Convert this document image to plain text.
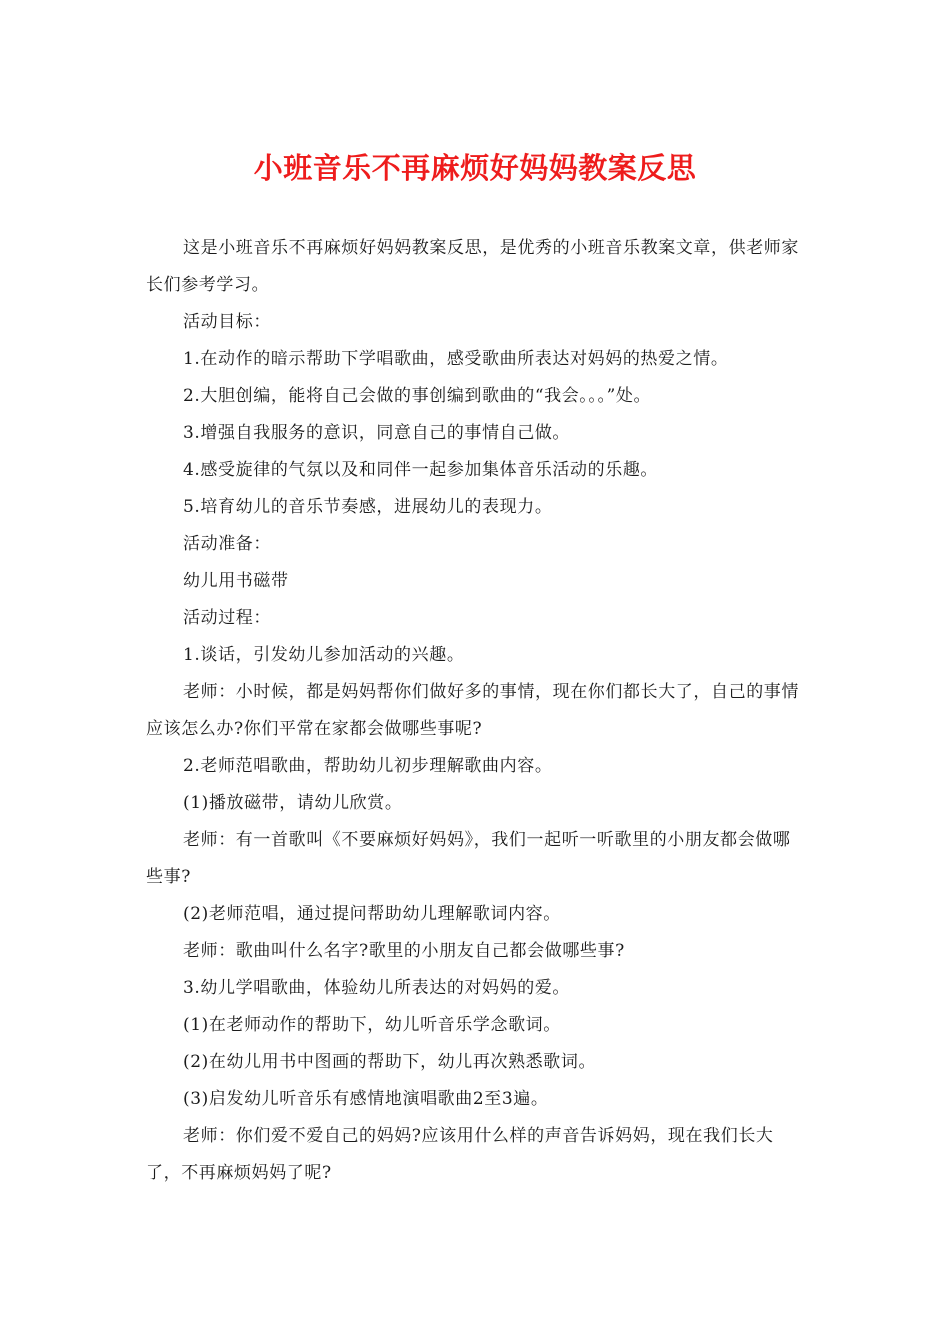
小班音乐不再麻烦好妈妈教案反思

这是小班音乐不再麻烦好妈妈教案反思，是优秀的小班音乐教案文章，供老师家长们参考学习。

活动目标：

1.在动作的暗示帮助下学唱歌曲，感受歌曲所表达对妈妈的热爱之情。

2.大胆创编，能将自己会做的事创编到歌曲的“我会。。。”处。

3.增强自我服务的意识，同意自己的事情自己做。

4.感受旋律的气氛以及和同伴一起参加集体音乐活动的乐趣。

5.培育幼儿的音乐节奏感，进展幼儿的表现力。

活动准备：

幼儿用书磁带

活动过程：

1.谈话，引发幼儿参加活动的兴趣。

老师：小时候，都是妈妈帮你们做好多的事情，现在你们都长大了，自己的事情应该怎么办?你们平常在家都会做哪些事呢?

2.老师范唱歌曲，帮助幼儿初步理解歌曲内容。

(1)播放磁带，请幼儿欣赏。

老师：有一首歌叫《不要麻烦好妈妈》，我们一起听一听歌里的小朋友都会做哪些事?

(2)老师范唱，通过提问帮助幼儿理解歌词内容。

老师：歌曲叫什么名字?歌里的小朋友自己都会做哪些事?

3.幼儿学唱歌曲，体验幼儿所表达的对妈妈的爱。

(1)在老师动作的帮助下，幼儿听音乐学念歌词。

(2)在幼儿用书中图画的帮助下，幼儿再次熟悉歌词。

(3)启发幼儿听音乐有感情地演唱歌曲2至3遍。

老师：你们爱不爱自己的妈妈?应该用什么样的声音告诉妈妈，现在我们长大了，不再麻烦妈妈了呢?
